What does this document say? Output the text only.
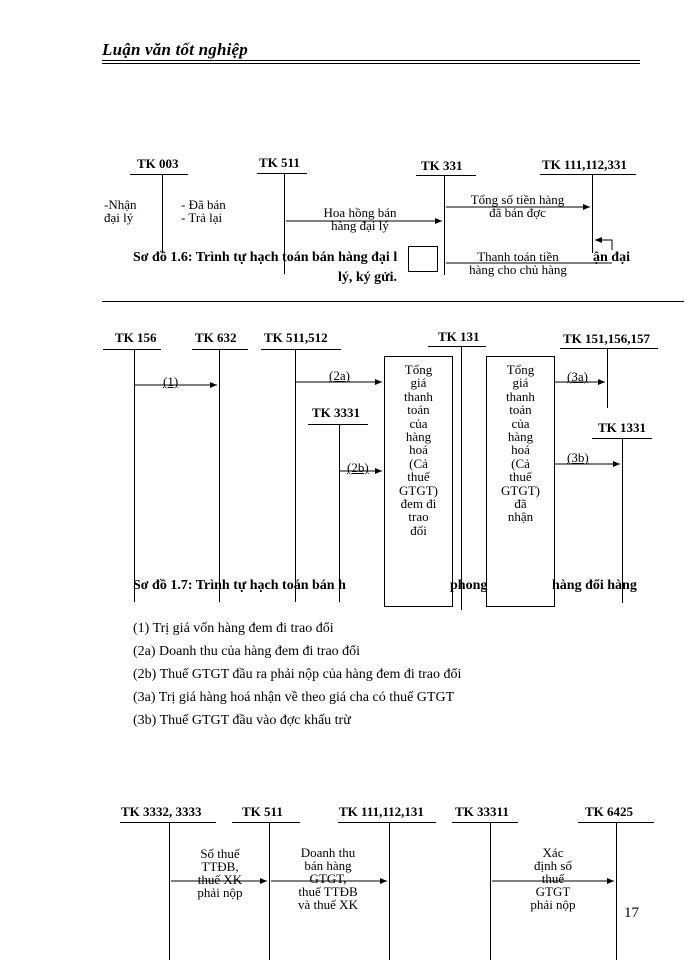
Luận văn tốt nghiệp
TK 003	TK 511	TK 331	TK 111,112,331
-Nhận
đại lý
- Đã bán
- Trả lại	Hoa hồng bán
hàng đại lý
Tổng số tiền hàng
đã bán đợc
Thanh toán tiền
hàng cho chủ hàng
Sơ đồ 1.6: Trình tự hạch toán bán hàng đại l	ận đại
lý, ký gửi.
TK 156	TK 632 TK 511,512	TK 131	TK 151,156,157
TK 3331
TK 1331
Tổng
giá
thanh
toán
của
hàng
hoá
(Cả
thuế
GTGT)
đem đi
trao
đổi
Tổng
giá
thanh
toán
của
hàng
hoá
(Cả
thuế
GTGT)
đã
nhận
(1)	(2a)
(2b)
(3a)
(3b)
Sơ đồ 1.7: Trình tự hạch toán bán h	phong	hàng đổi hàng
(1) Trị giá vốn hàng đem đi trao đổi
(2a) Doanh thu của hàng đem đi trao đổi
(2b) Thuế GTGT đầu ra phải nộp của hàng đem đi trao đổi
(3a) Trị giá hàng hoá nhận về theo giá cha có thuế GTGT
(3b) Thuế GTGT đầu vào đợc khấu trừ
TK 3332, 3333	TK 511	TK 111,112,131 TK 33311	TK 6425
Số thuế
TTĐB,
thuế XK
phải nộp
Doanh thu
bán hàng
GTGT,
thuế TTĐB
và thuế XK
Xác
định số
thuế
GTGT
phải nộp
17
